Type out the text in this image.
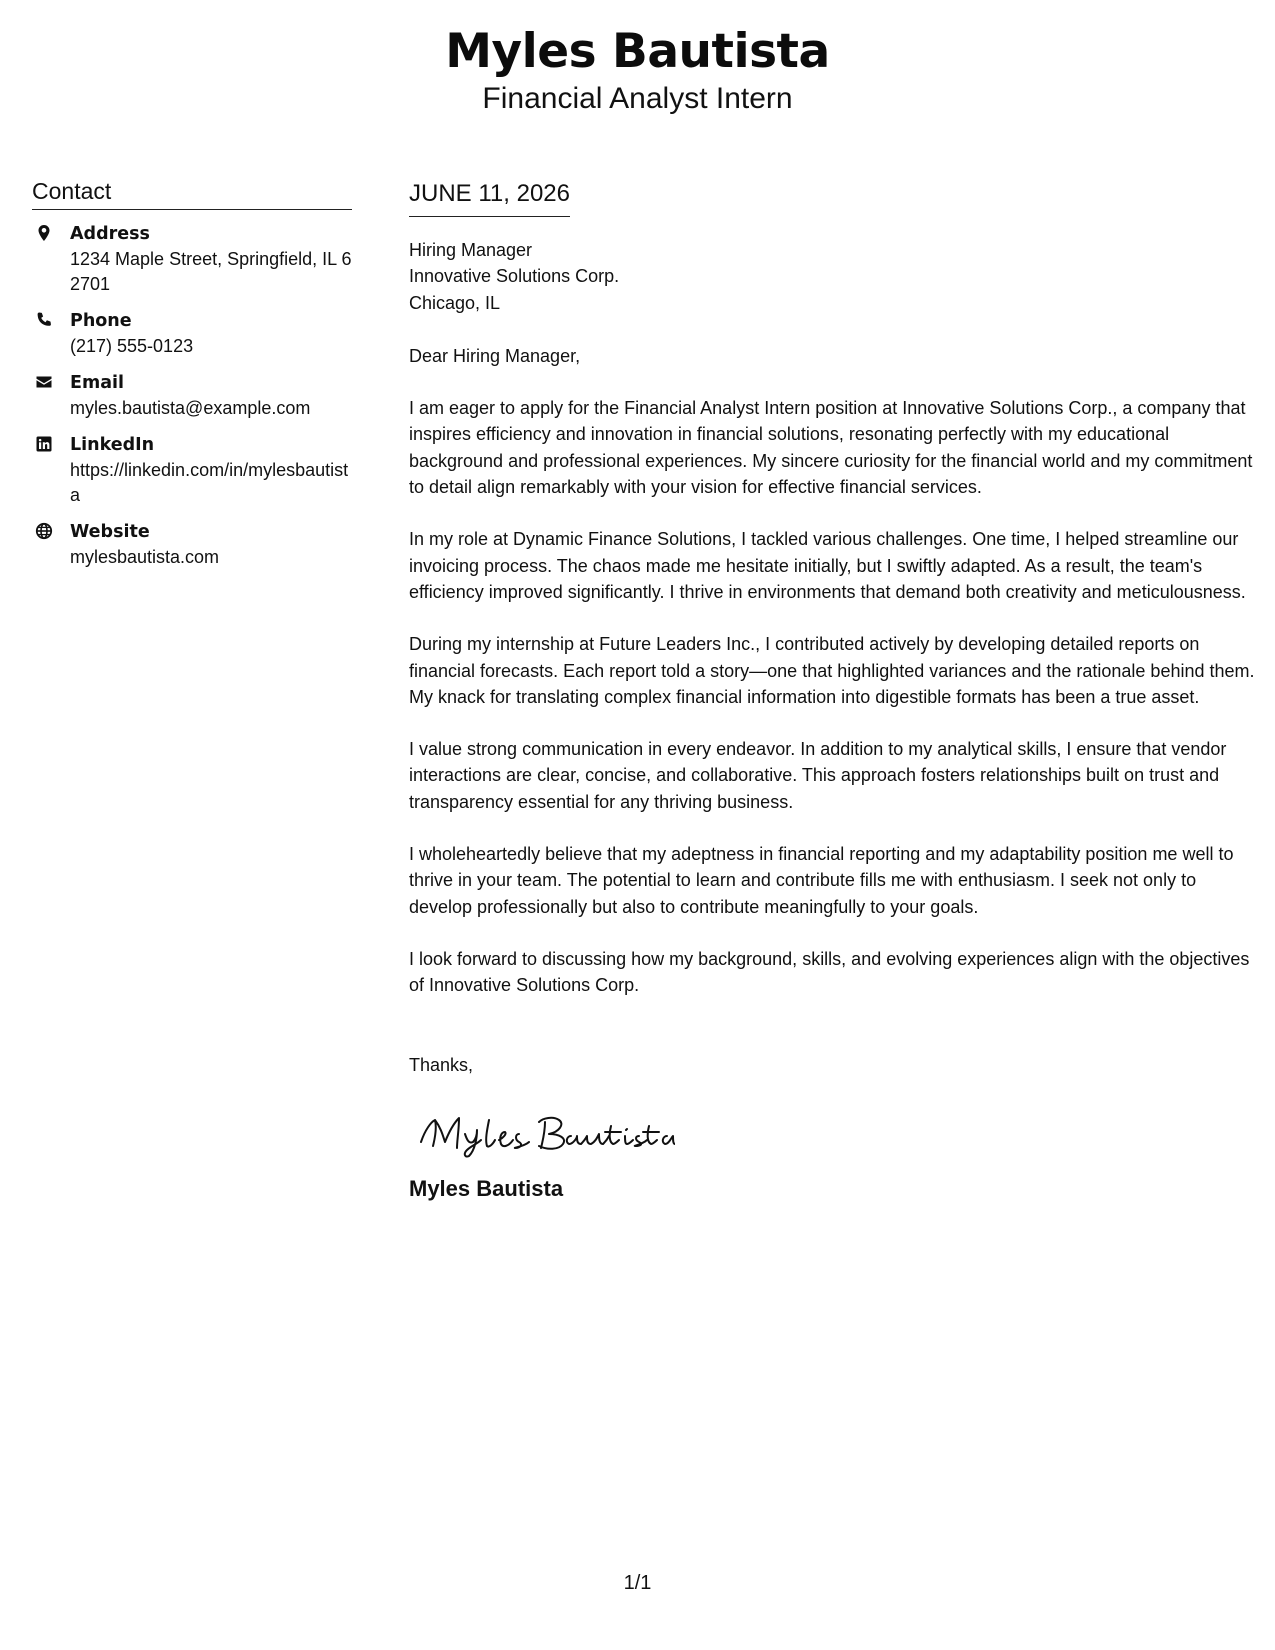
Myles Bautista
Financial Analyst Intern
Contact
Address
1234 Maple Street, Springfield, IL 62701
Phone
(217) 555-0123
Email
myles.bautista@example.com
LinkedIn
https://linkedin.com/in/mylesbautista
Website
mylesbautista.com
JUNE 11, 2026
Hiring Manager
Innovative Solutions Corp.
Chicago, IL
Dear Hiring Manager,
I am eager to apply for the Financial Analyst Intern position at Innovative Solutions Corp., a company that inspires efficiency and innovation in financial solutions, resonating perfectly with my educational background and professional experiences. My sincere curiosity for the financial world and my commitment to detail align remarkably with your vision for effective financial services.
In my role at Dynamic Finance Solutions, I tackled various challenges. One time, I helped streamline our invoicing process. The chaos made me hesitate initially, but I swiftly adapted. As a result, the team's efficiency improved significantly. I thrive in environments that demand both creativity and meticulousness.
During my internship at Future Leaders Inc., I contributed actively by developing detailed reports on financial forecasts. Each report told a story—one that highlighted variances and the rationale behind them. My knack for translating complex financial information into digestible formats has been a true asset.
I value strong communication in every endeavor. In addition to my analytical skills, I ensure that vendor interactions are clear, concise, and collaborative. This approach fosters relationships built on trust and transparency essential for any thriving business.
I wholeheartedly believe that my adeptness in financial reporting and my adaptability position me well to thrive in your team. The potential to learn and contribute fills me with enthusiasm. I seek not only to develop professionally but also to contribute meaningfully to your goals.
I look forward to discussing how my background, skills, and evolving experiences align with the objectives of Innovative Solutions Corp.
Thanks,
Myles Bautista
1/1
